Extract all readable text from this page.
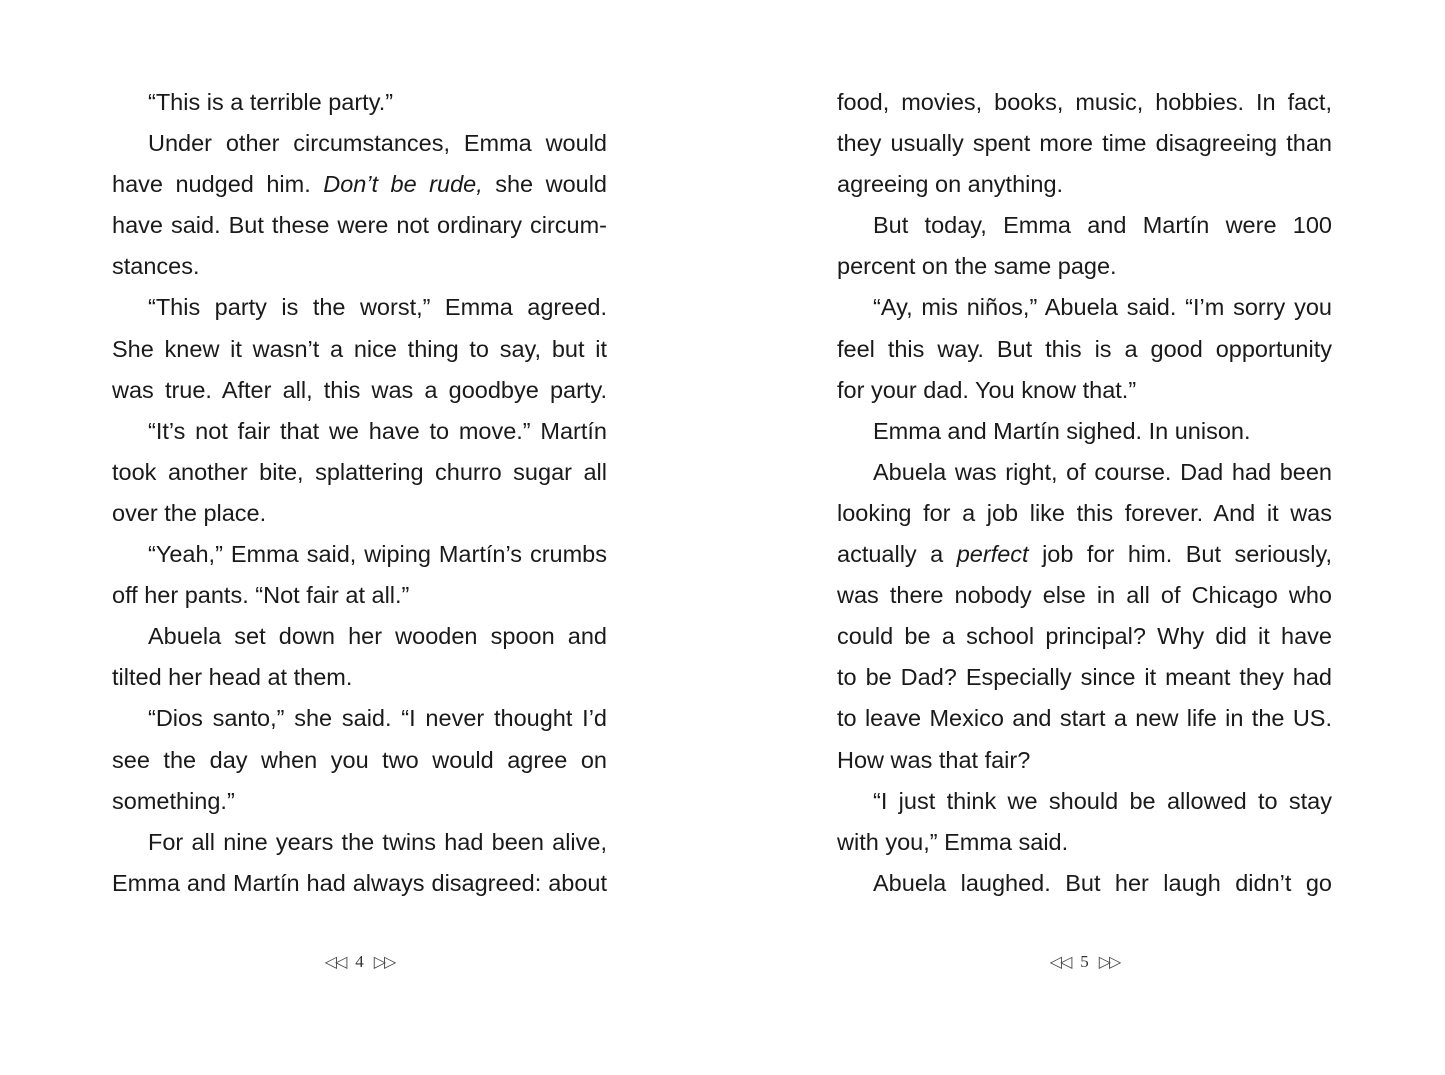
“This is a terrible party.”
Under other circumstances, Emma would
have nudged him. Don’t be rude, she would
have said. But these were not ordinary circum-
stances.
“This party is the worst,” Emma agreed.
She knew it wasn’t a nice thing to say, but it
was true. After all, this was a goodbye party.
“It’s not fair that we have to move.” Martín
took another bite, splattering churro sugar all
over the place.
“Yeah,” Emma said, wiping Martín’s crumbs
off her pants. “Not fair at all.”
Abuela set down her wooden spoon and
tilted her head at them.
“Dios santo,” she said. “I never thought I’d
see the day when you two would agree on
something.”
For all nine years the twins had been alive,
Emma and Martín had always disagreed: about
food, movies, books, music, hobbies. In fact,
they usually spent more time disagreeing than
agreeing on anything.
But today, Emma and Martín were 100
percent on the same page.
“Ay, mis niños,” Abuela said. “I’m sorry you
feel this way. But this is a good opportunity
for your dad. You know that.”
Emma and Martín sighed. In unison.
Abuela was right, of course. Dad had been
looking for a job like this forever. And it was
actually a perfect job for him. But seriously,
was there nobody else in all of Chicago who
could be a school principal? Why did it have
to be Dad? Especially since it meant they had
to leave Mexico and start a new life in the US.
How was that fair?
“I just think we should be allowed to stay
with you,” Emma said.
Abuela laughed. But her laugh didn’t go
◁◁ 4 ▷▷	◁◁ 5 ▷▷
